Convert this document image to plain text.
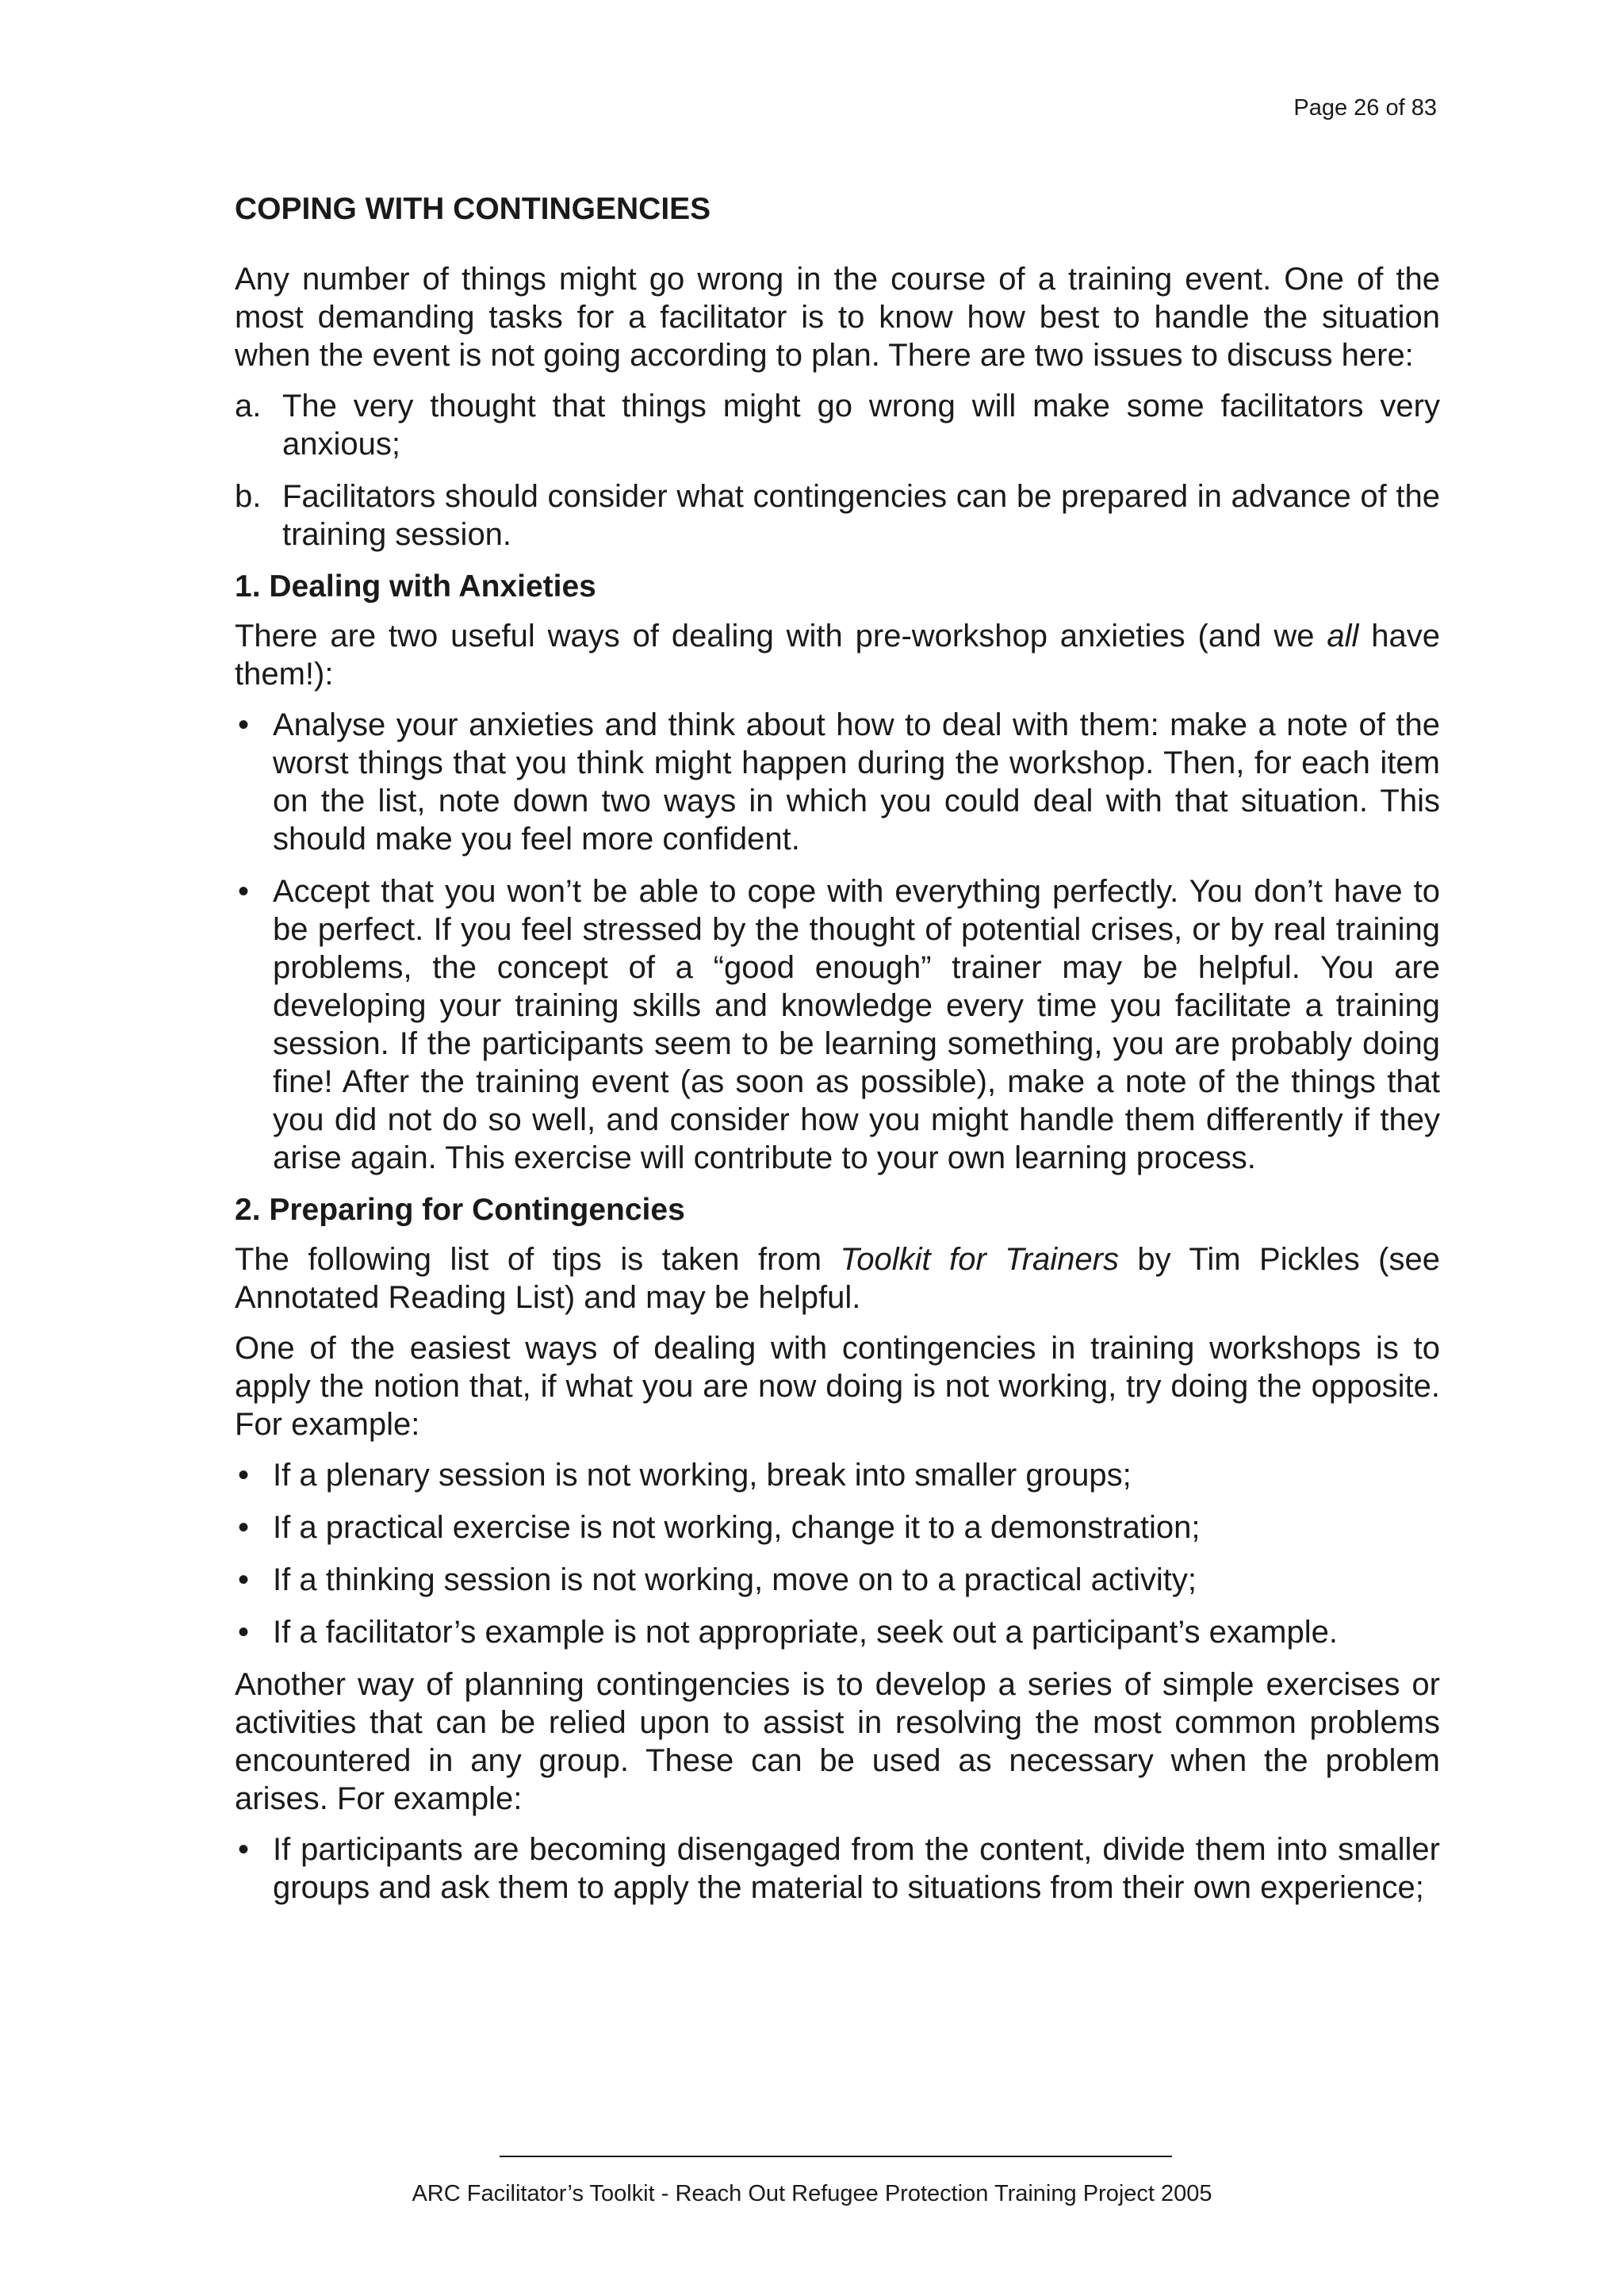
Page 26 of 83
COPING WITH CONTINGENCIES

Any number of things might go wrong in the course of a training event. One of the most demanding tasks for a facilitator is to know how best to handle the situation when the event is not going according to plan. There are two issues to discuss here:

a. The very thought that things might go wrong will make some facilitators very anxious;
b. Facilitators should consider what contingencies can be prepared in advance of the training session.
1. Dealing with Anxieties

There are two useful ways of dealing with pre-workshop anxieties (and we all have them!):

• Analyse your anxieties and think about how to deal with them: make a note of the worst things that you think might happen during the workshop. Then, for each item on the list, note down two ways in which you could deal with that situation. This should make you feel more confident.
• Accept that you won’t be able to cope with everything perfectly. You don’t have to be perfect. If you feel stressed by the thought of potential crises, or by real training problems, the concept of a “good enough” trainer may be helpful. You are developing your training skills and knowledge every time you facilitate a training session. If the participants seem to be learning something, you are probably doing fine! After the training event (as soon as possible), make a note of the things that you did not do so well, and consider how you might handle them differently if they arise again. This exercise will contribute to your own learning process.
2. Preparing for Contingencies

The following list of tips is taken from Toolkit for Trainers by Tim Pickles (see Annotated Reading List) and may be helpful.

One of the easiest ways of dealing with contingencies in training workshops is to apply the notion that, if what you are now doing is not working, try doing the opposite. For example:

• If a plenary session is not working, break into smaller groups;
• If a practical exercise is not working, change it to a demonstration;
• If a thinking session is not working, move on to a practical activity;
• If a facilitator’s example is not appropriate, seek out a participant’s example.

Another way of planning contingencies is to develop a series of simple exercises or activities that can be relied upon to assist in resolving the most common problems encountered in any group. These can be used as necessary when the problem arises. For example:

• If participants are becoming disengaged from the content, divide them into smaller groups and ask them to apply the material to situations from their own experience;
ARC Facilitator’s Toolkit - Reach Out Refugee Protection Training Project 2005
